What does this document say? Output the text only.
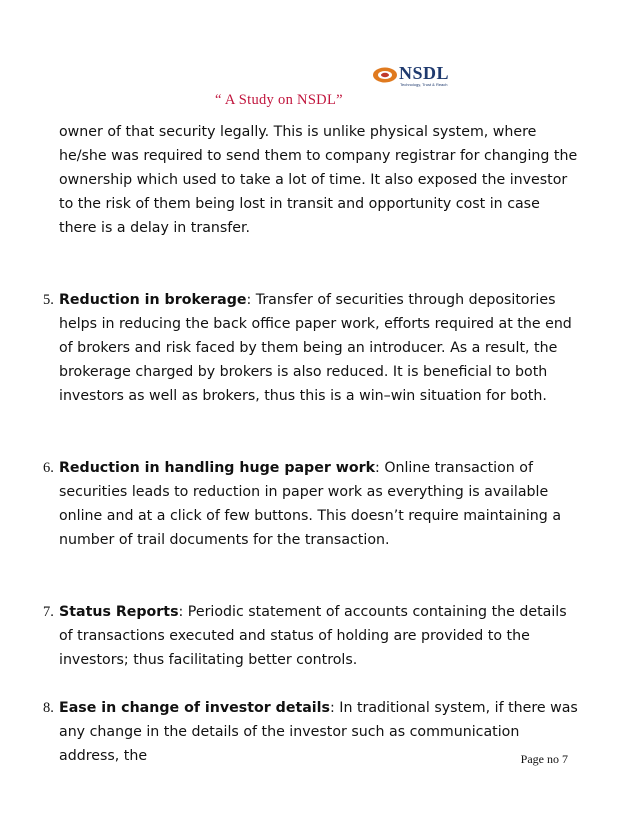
NSDL
Technology, Trust & Reach
“ A Study on NSDL”

owner of that security legally. This is unlike physical system, where he/she was required to send them to company registrar for changing the ownership which used to take a lot of time. It also exposed the investor to the risk of them being lost in transit and opportunity cost in case there is a delay in transfer.

5. Reduction in brokerage: Transfer of securities through depositories helps in reducing the back office paper work, efforts required at the end of brokers and risk faced by them being an introducer. As a result, the brokerage charged by brokers is also reduced. It is beneficial to both investors as well as brokers, thus this is a win–win situation for both.

6. Reduction in handling huge paper work: Online transaction of securities leads to reduction in paper work as everything is available online and at a click of few buttons. This doesn’t require maintaining a number of trail documents for the transaction.

7. Status Reports: Periodic statement of accounts containing the details of transactions executed and status of holding are provided to the investors; thus facilitating better controls.

8. Ease in change of investor details: In traditional system, if there was any change in the details of the investor such as communication address, the	Page no 7
